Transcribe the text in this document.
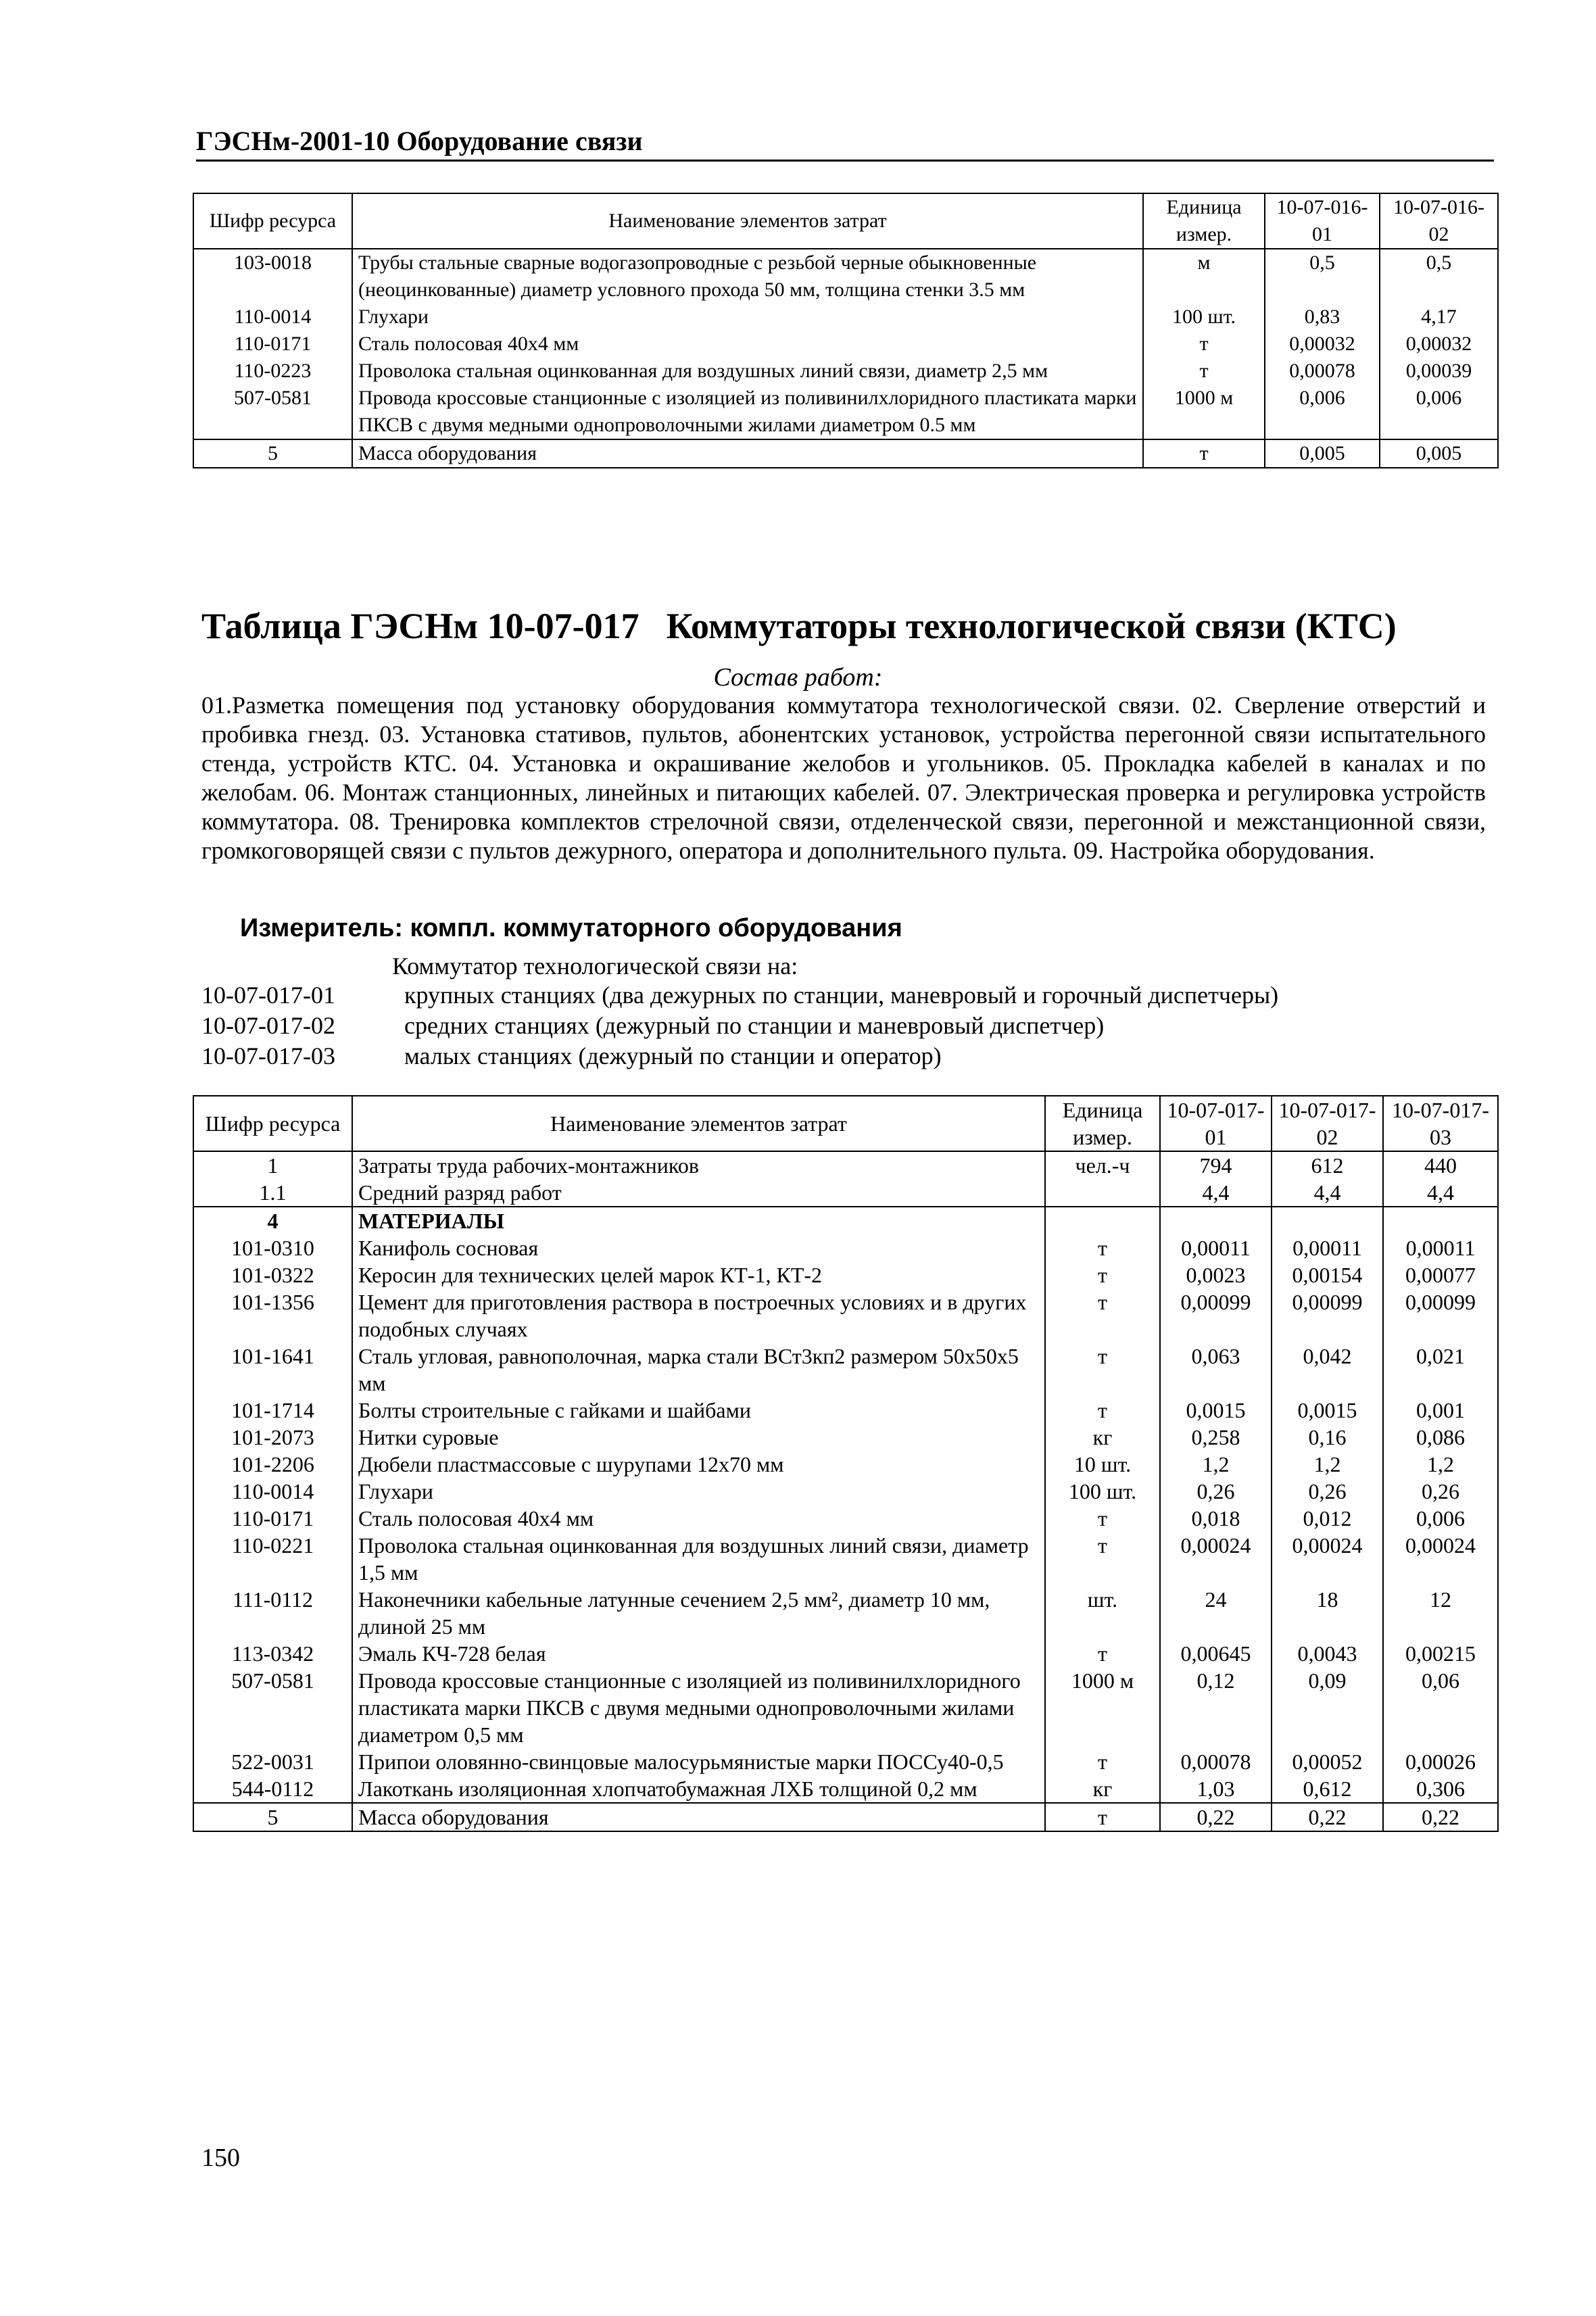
ГЭСНм-2001-10 Оборудование связи
Шифр ресурса	Наименование элементов затрат	Единица измер.	10-07-016-01	10-07-016-02
103-0018	Трубы стальные сварные водогазопроводные с резьбой черные обыкновенные (неоцинкованные) диаметр условного прохода 50 мм, толщина стенки 3.5 мм	м	0,5	0,5
110-0014	Глухари	100 шт.	0,83	4,17
110-0171	Сталь полосовая 40х4 мм	т	0,00032	0,00032
110-0223	Проволока стальная оцинкованная для воздушных линий связи, диаметр 2,5 мм	т	0,00078	0,00039
507-0581	Провода кроссовые станционные с изоляцией из поливинилхлоридного пластиката марки ПКСВ с двумя медными однопроволочными жилами диаметром 0.5 мм	1000 м	0,006	0,006
5	Масса оборудования	т	0,005	0,005
Таблица ГЭСНм 10-07-017 Коммутаторы технологической связи (КТС)
Состав работ:
01.Разметка помещения под установку оборудования коммутатора технологической связи. 02. Сверление отверстий и пробивка гнезд. 03. Установка стативов, пультов, абонентских установок, устройства перегонной связи испытательного стенда, устройств КТС. 04. Установка и окрашивание желобов и угольников. 05. Прокладка кабелей в каналах и по желобам. 06. Монтаж станционных, линейных и питающих кабелей. 07. Электрическая проверка и регулировка устройств коммутатора. 08. Тренировка комплектов стрелочной связи, отделенческой связи, перегонной и межстанционной связи, громкоговорящей связи с пультов дежурного, оператора и дополнительного пульта. 09. Настройка оборудования.
Измеритель: компл. коммутаторного оборудования
Коммутатор технологической связи на:
10-07-017-01	крупных станциях (два дежурных по станции, маневровый и горочный диспетчеры)
10-07-017-02	средних станциях (дежурный по станции и маневровый диспетчер)
10-07-017-03	малых станциях (дежурный по станции и оператор)
Шифр ресурса	Наименование элементов затрат	Единица измер.	10-07-017-01	10-07-017-02	10-07-017-03
1	Затраты труда рабочих-монтажников	чел.-ч	794	612	440
1.1	Средний разряд работ		4,4	4,4	4,4
4	МАТЕРИАЛЫ				
101-0310	Канифоль сосновая	т	0,00011	0,00011	0,00011
101-0322	Керосин для технических целей марок КТ-1, КТ-2	т	0,0023	0,00154	0,00077
101-1356	Цемент для приготовления раствора в построечных условиях и в других подобных случаях	т	0,00099	0,00099	0,00099
101-1641	Сталь угловая, равнополочная, марка стали ВСт3кп2 размером 50х50х5 мм	т	0,063	0,042	0,021
101-1714	Болты строительные с гайками и шайбами	т	0,0015	0,0015	0,001
101-2073	Нитки суровые	кг	0,258	0,16	0,086
101-2206	Дюбели пластмассовые с шурупами 12х70 мм	10 шт.	1,2	1,2	1,2
110-0014	Глухари	100 шт.	0,26	0,26	0,26
110-0171	Сталь полосовая 40х4 мм	т	0,018	0,012	0,006
110-0221	Проволока стальная оцинкованная для воздушных линий связи, диаметр 1,5 мм	т	0,00024	0,00024	0,00024
111-0112	Наконечники кабельные латунные сечением 2,5 мм², диаметр 10 мм, длиной 25 мм	шт.	24	18	12
113-0342	Эмаль КЧ-728 белая	т	0,00645	0,0043	0,00215
507-0581	Провода кроссовые станционные с изоляцией из поливинилхлоридного пластиката марки ПКСВ с двумя медными однопроволочными жилами диаметром 0,5 мм	1000 м	0,12	0,09	0,06
522-0031	Припои оловянно-свинцовые малосурьмянистые марки ПОССу40-0,5	т	0,00078	0,00052	0,00026
544-0112	Лакоткань изоляционная хлопчатобумажная ЛХБ толщиной 0,2 мм	кг	1,03	0,612	0,306
5	Масса оборудования	т	0,22	0,22	0,22
150
